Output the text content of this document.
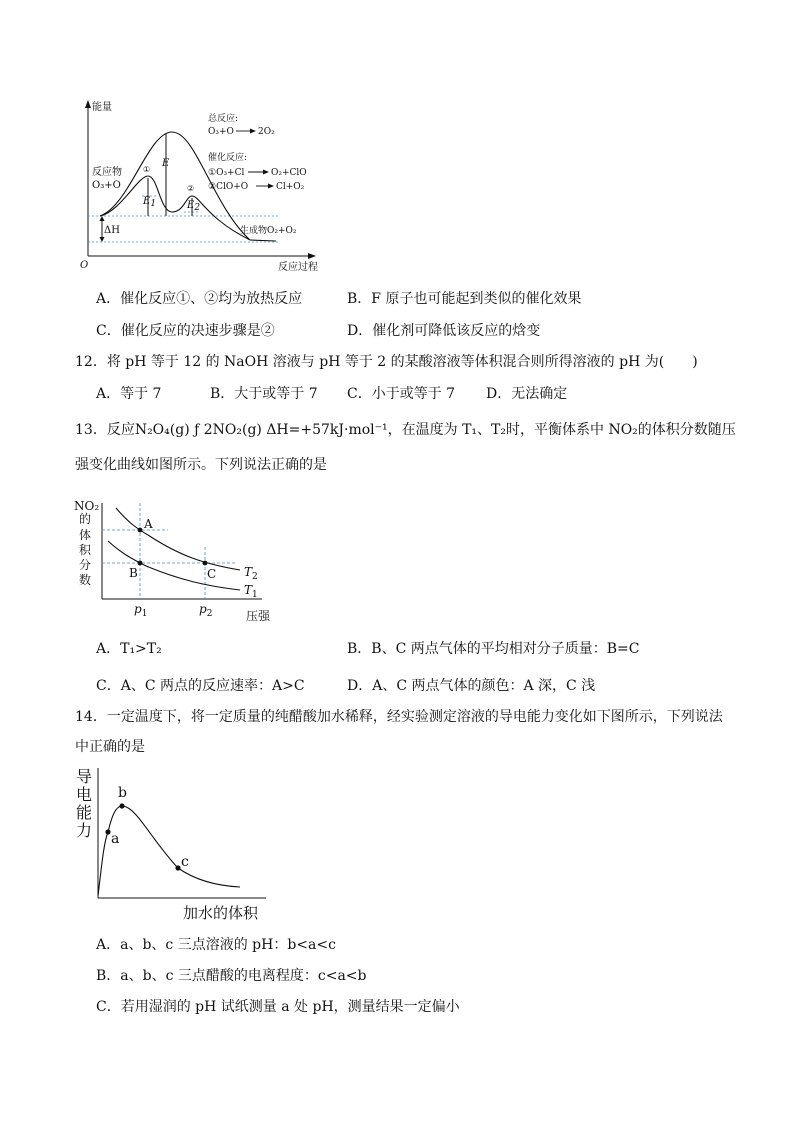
能量
反应过程
O
反应物
O₃+O
总反应:
O₃+O	2O₂
催化反应:
①O₃+Cl	O₂+ClO
②ClO+O	Cl+O₂
①
②
E
E1	E2
ΔH	生成物O₂+O₂
A．催化反应①、②均为放热反应	B．F 原子也可能起到类似的催化效果
C．催化反应的决速步骤是②	D．催化剂可降低该反应的焓变
12．将 pH 等于 12 的 NaOH 溶液与 pH 等于 2 的某酸溶液等体积混合则所得溶液的 pH 为(　　)
A．等于 7	B．大于或等于 7 C．小于或等于 7 D．无法确定
13．反应N₂O₄(g) ƒ 2NO₂(g) ΔH=+57kJ·mol⁻¹，在温度为 T₁、T₂时，平衡体系中 NO₂的体积分数随压
强变化曲线如图所示。下列说法正确的是
NO₂
的
体
积
分
数
A
B	C $T_2$
$T_1$
$p_1$	$p_2$	压强
A．T₁>T₂	B．B、C 两点气体的平均相对分子质量：B=C
C．A、C 两点的反应速率：A>C	D．A、C 两点气体的颜色：A 深，C 浅
14．一定温度下，将一定质量的纯醋酸加水稀释，经实验测定溶液的导电能力变化如下图所示，下列说法
中正确的是
a
b
c
导
电
能
力
加水的体积
A．a、b、c 三点溶液的 pH：b<a<c
B．a、b、c 三点醋酸的电离程度：c<a<b
C．若用湿润的 pH 试纸测量 a 处 pH，测量结果一定偏小
